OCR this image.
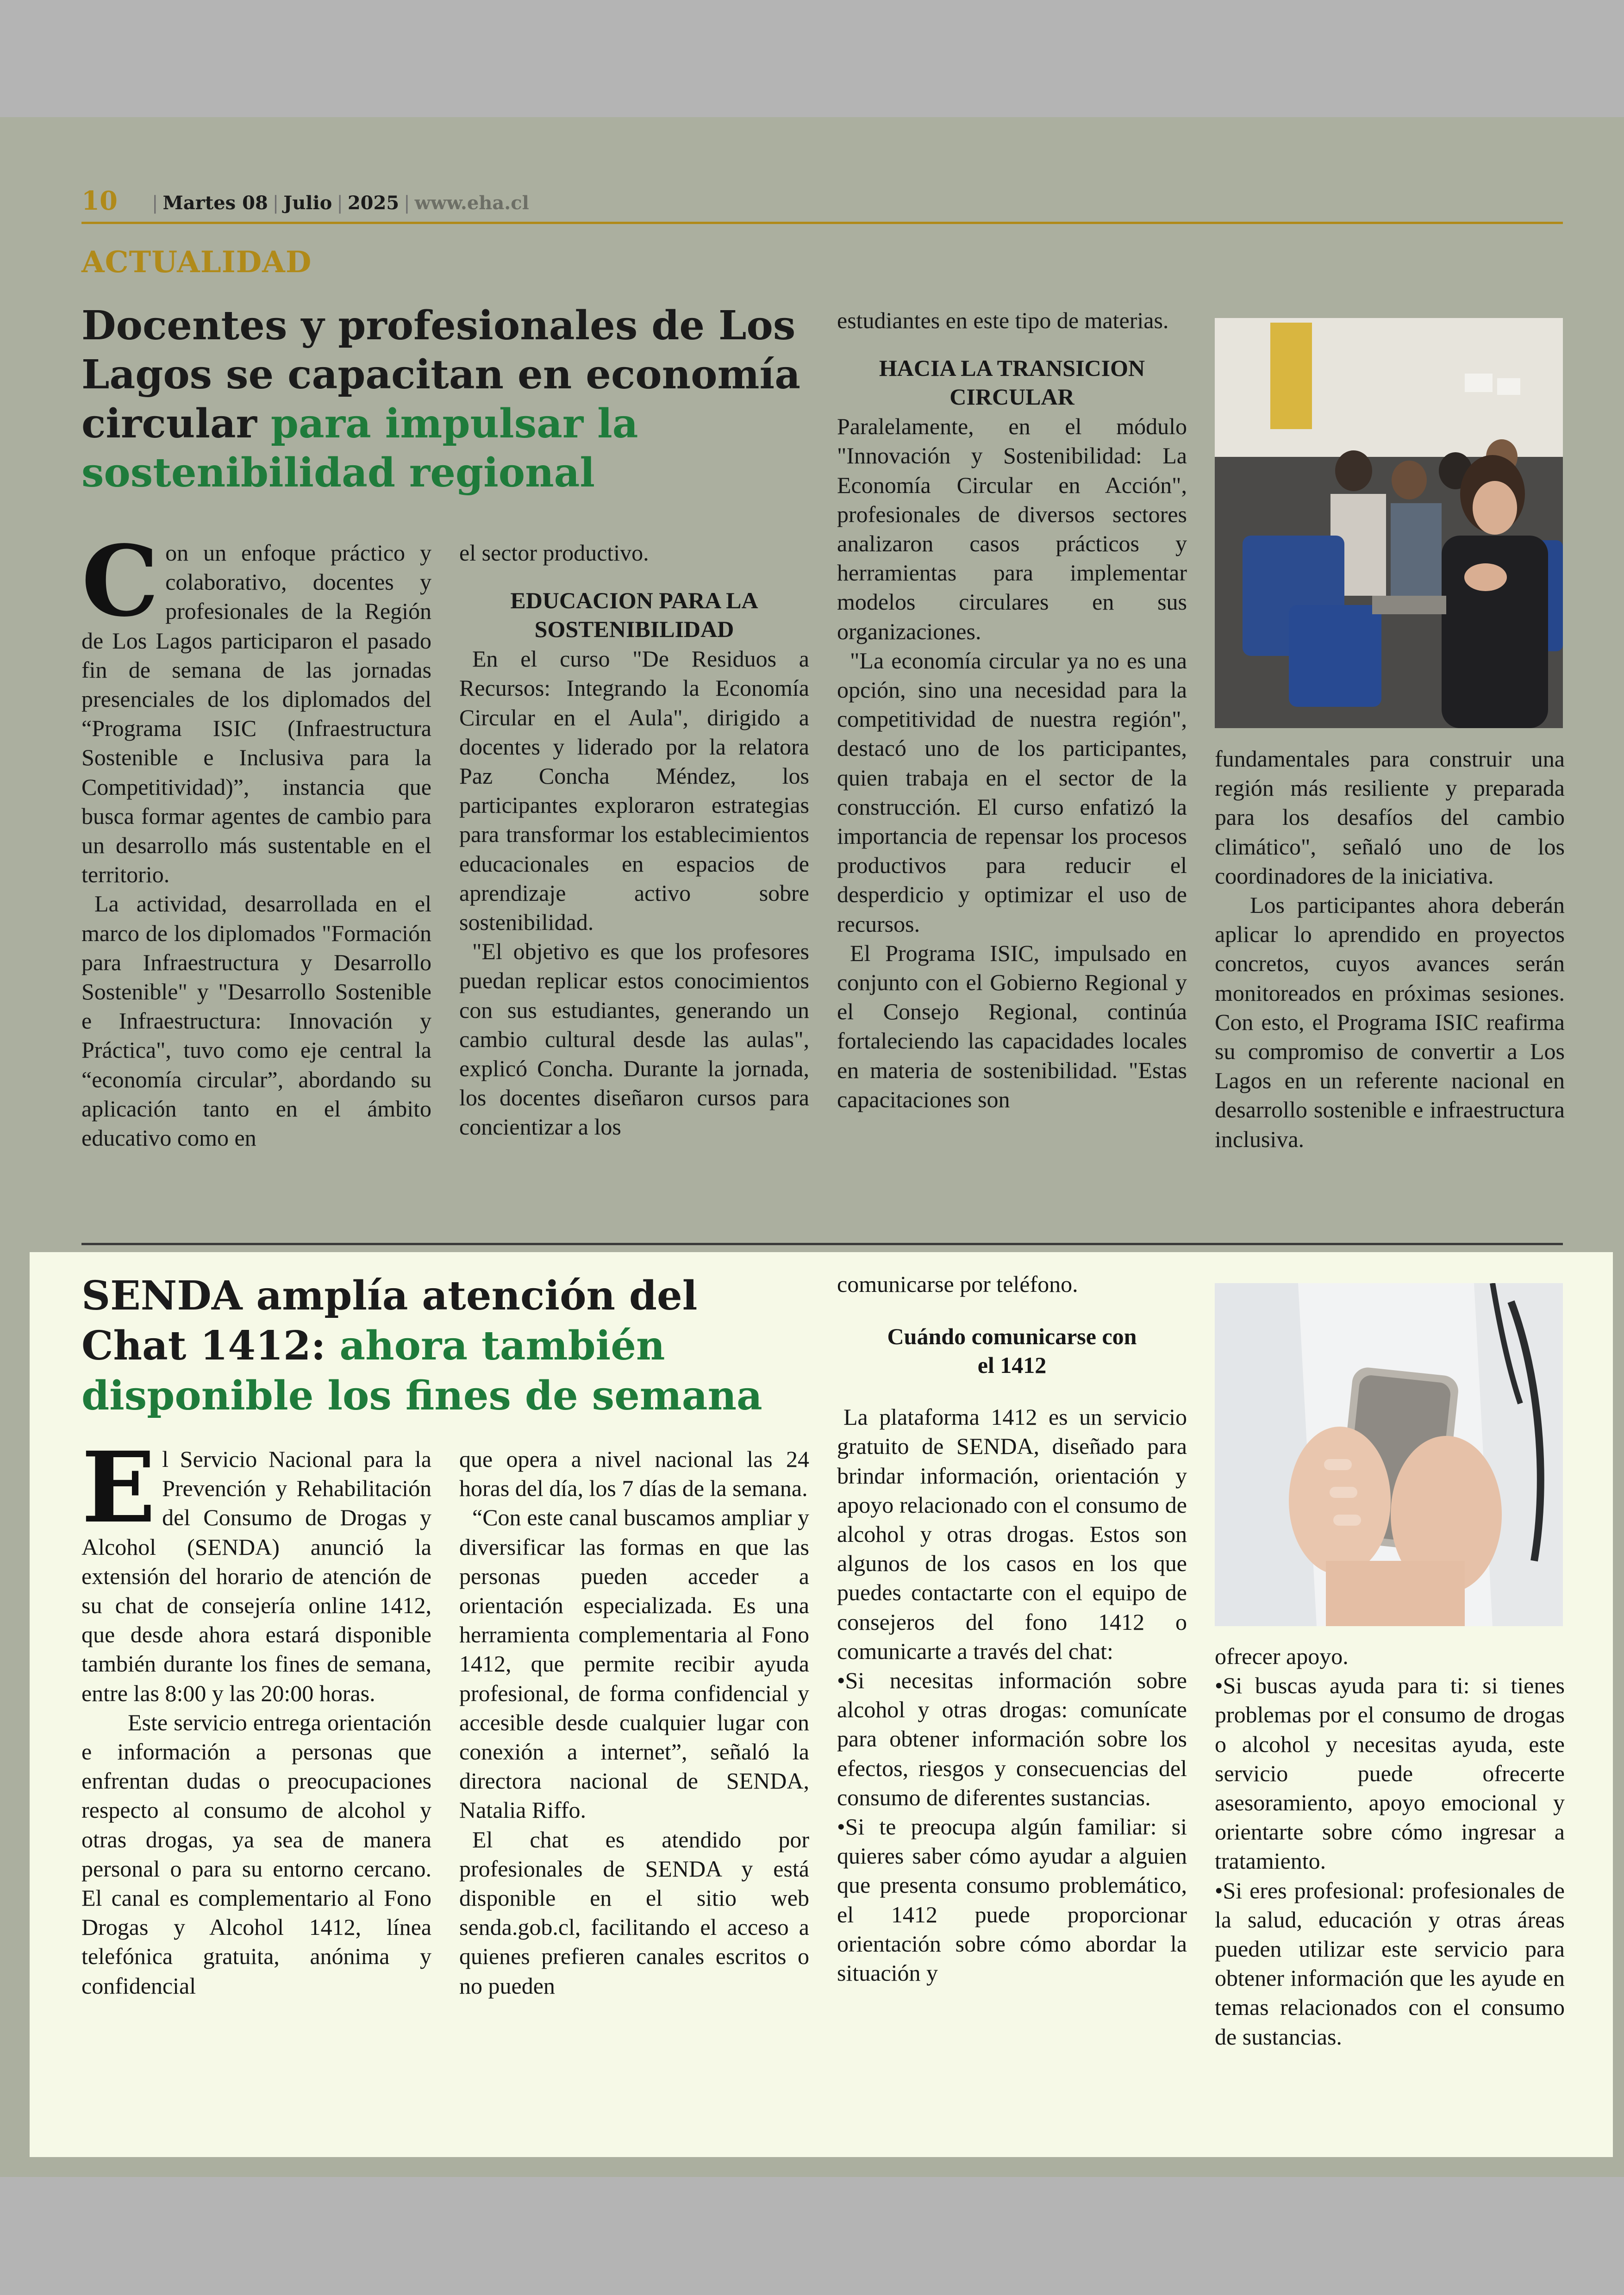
10 | Martes 08 | Julio | 2025 | www.eha.cl
ACTUALIDAD
Docentes y profesionales de Los Lagos se capacitan en economía circular para impulsar la sostenibilidad regional
C on un enfoque práctico y colaborativo, docentes y profesionales de la Región de Los Lagos participaron el pasado fin de semana de las jornadas presenciales de los diplomados del “Programa ISIC (Infraestructura Sostenible e Inclusiva para la Competitividad)”, instancia que busca formar agentes de cambio para un desarrollo más sustentable en el territorio.

La actividad, desarrollada en el marco de los diplomados "Formación para Infraestructura y Desarrollo Sostenible" y "Desarrollo Sostenible e Infraestructura: Innovación y Práctica", tuvo como eje central la “economía circular”, abordando su aplicación tanto en el ámbito educativo como en

el sector productivo.

EDUCACION PARA LA SOSTENIBILIDAD

En el curso "De Residuos a Recursos: Integrando la Economía Circular en el Aula", dirigido a docentes y liderado por la relatora Paz Concha Méndez, los participantes exploraron estrategias para transformar los establecimientos educacionales en espacios de aprendizaje activo sobre sostenibilidad.

"El objetivo es que los profesores puedan replicar estos conocimientos con sus estudiantes, generando un cambio cultural desde las aulas", explicó Concha. Durante la jornada, los docentes diseñaron cursos para concientizar a los

estudiantes en este tipo de materias.

HACIA LA TRANSICION CIRCULAR

Paralelamente, en el módulo "Innovación y Sostenibilidad: La Economía Circular en Acción", profesionales de diversos sectores analizaron casos prácticos y herramientas para implementar modelos circulares en sus organizaciones.

"La economía circular ya no es una opción, sino una necesidad para la competitividad de nuestra región", destacó uno de los participantes, quien trabaja en el sector de la construcción. El curso enfatizó la importancia de repensar los procesos productivos para reducir el desperdicio y optimizar el uso de recursos.

El Programa ISIC, impulsado en conjunto con el Gobierno Regional y el Consejo Regional, continúa fortaleciendo las capacidades locales en materia de sostenibilidad. "Estas capacitaciones son

fundamentales para construir una región más resiliente y preparada para los desafíos del cambio climático", señaló uno de los coordinadores de la iniciativa.

Los participantes ahora deberán aplicar lo aprendido en proyectos concretos, cuyos avances serán monitoreados en próximas sesiones. Con esto, el Programa ISIC reafirma su compromiso de convertir a Los Lagos en un referente nacional en desarrollo sostenible e infraestructura inclusiva.

SENDA amplía atención del Chat 1412: ahora también disponible los fines de semana
E l Servicio Nacional para la Prevención y Rehabilitación del Consumo de Drogas y Alcohol (SENDA) anunció la extensión del horario de atención de su chat de consejería online 1412, que desde ahora estará disponible también durante los fines de semana, entre las 8:00 y las 20:00 horas.

Este servicio entrega orientación e información a personas que enfrentan dudas o preocupaciones respecto al consumo de alcohol y otras drogas, ya sea de manera personal o para su entorno cercano. El canal es complementario al Fono Drogas y Alcohol 1412, línea telefónica gratuita, anónima y confidencial

que opera a nivel nacional las 24 horas del día, los 7 días de la semana.

“Con este canal buscamos ampliar y diversificar las formas en que las personas pueden acceder a orientación especializada. Es una herramienta complementaria al Fono 1412, que permite recibir ayuda profesional, de forma confidencial y accesible desde cualquier lugar con conexión a internet”, señaló la directora nacional de SENDA, Natalia Riffo.

El chat es atendido por profesionales de SENDA y está disponible en el sitio web senda.gob.cl, facilitando el acceso a quienes prefieren canales escritos o no pueden

comunicarse por teléfono.

Cuándo comunicarse con el 1412

La plataforma 1412 es un servicio gratuito de SENDA, diseñado para brindar información, orientación y apoyo relacionado con el consumo de alcohol y otras drogas. Estos son algunos de los casos en los que puedes contactarte con el equipo de consejeros del fono 1412 o comunicarte a través del chat:

•Si necesitas información sobre alcohol y otras drogas: comunícate para obtener información sobre los efectos, riesgos y consecuencias del consumo de diferentes sustancias.

•Si te preocupa algún familiar: si quieres saber cómo ayudar a alguien que presenta consumo problemático, el 1412 puede proporcionar orientación sobre cómo abordar la situación y

ofrecer apoyo.

•Si buscas ayuda para ti: si tienes problemas por el consumo de drogas o alcohol y necesitas ayuda, este servicio puede ofrecerte asesoramiento, apoyo emocional y orientarte sobre cómo ingresar a tratamiento.

•Si eres profesional: profesionales de la salud, educación y otras áreas pueden utilizar este servicio para obtener información que les ayude en temas relacionados con el consumo de sustancias.
